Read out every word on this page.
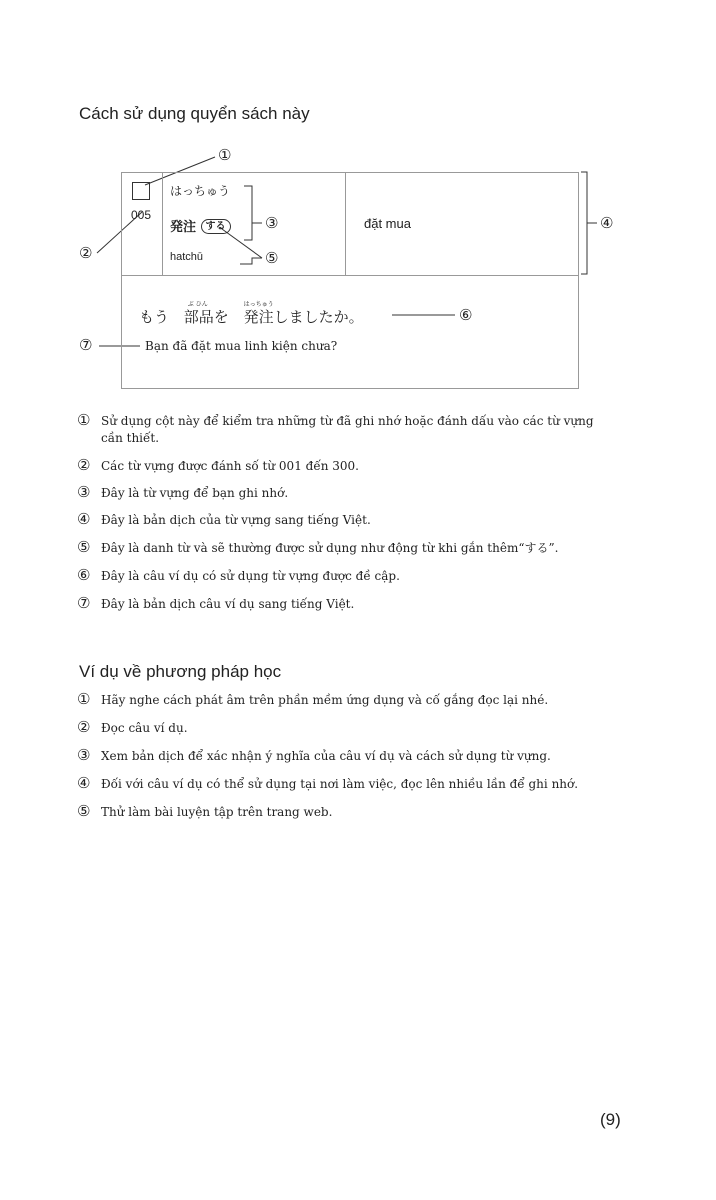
Cách sử dụng quyển sách này
005
はっちゅう
発注 する
hatchū
đặt mua
もう
ぶ ひん
部品を
はっちゅう
発注しましたか。
Bạn đã đặt mua linh kiện chưa?
①
②
③	④
⑤
⑥
⑦
① Sử dụng cột này để kiểm tra những từ đã ghi nhớ hoặc đánh dấu vào các từ vựng
cần thiết.
② Các từ vựng được đánh số từ 001 đến 300.
③ Đây là từ vựng để bạn ghi nhớ.
④ Đây là bản dịch của từ vựng sang tiếng Việt.
⑤ Đây là danh từ và sẽ thường được sử dụng như động từ khi gắn thêm“する”.
⑥ Đây là câu ví dụ có sử dụng từ vựng được đề cập.
⑦ Đây là bản dịch câu ví dụ sang tiếng Việt.
Ví dụ về phương pháp học
① Hãy nghe cách phát âm trên phần mềm ứng dụng và cố gắng đọc lại nhé.
② Đọc câu ví dụ.
③ Xem bản dịch để xác nhận ý nghĩa của câu ví dụ và cách sử dụng từ vựng.
④ Đối với câu ví dụ có thể sử dụng tại nơi làm việc, đọc lên nhiều lần để ghi nhớ.
⑤ Thử làm bài luyện tập trên trang web.
(9)
